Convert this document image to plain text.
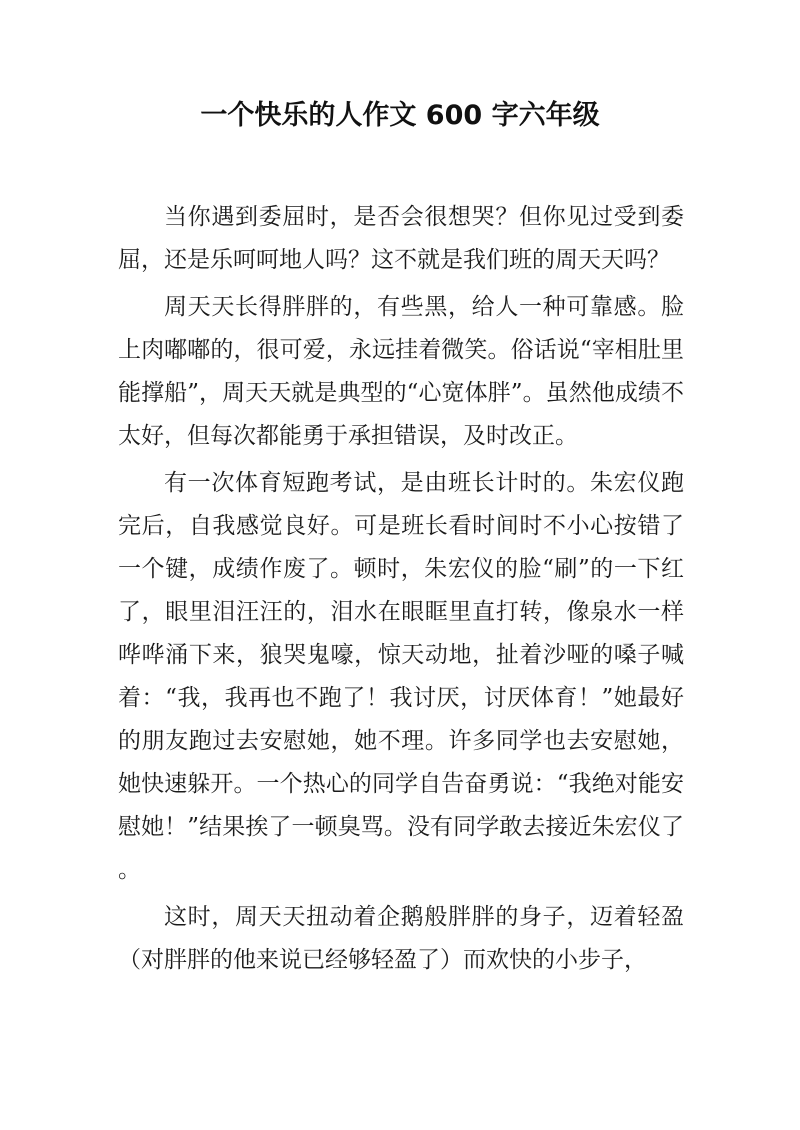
一个快乐的人作文 600 字六年级

当你遇到委屈时，是否会很想哭？但你见过受到委屈，还是乐呵呵地人吗？这不就是我们班的周天天吗？

周天天长得胖胖的，有些黑，给人一种可靠感。脸上肉嘟嘟的，很可爱，永远挂着微笑。俗话说“宰相肚里能撑船”，周天天就是典型的“心宽体胖”。虽然他成绩不太好，但每次都能勇于承担错误，及时改正。

有一次体育短跑考试，是由班长计时的。朱宏仪跑完后，自我感觉良好。可是班长看时间时不小心按错了一个键，成绩作废了。顿时，朱宏仪的脸“刷”的一下红了，眼里泪汪汪的，泪水在眼眶里直打转，像泉水一样哗哗涌下来，狼哭鬼嚎，惊天动地，扯着沙哑的嗓子喊着：“我，我再也不跑了！我讨厌，讨厌体育！”她最好的朋友跑过去安慰她，她不理。许多同学也去安慰她，她快速躲开。一个热心的同学自告奋勇说：“我绝对能安慰她！”结果挨了一顿臭骂。没有同学敢去接近朱宏仪了。

这时，周天天扭动着企鹅般胖胖的身子，迈着轻盈（对胖胖的他来说已经够轻盈了）而欢快的小步子，
